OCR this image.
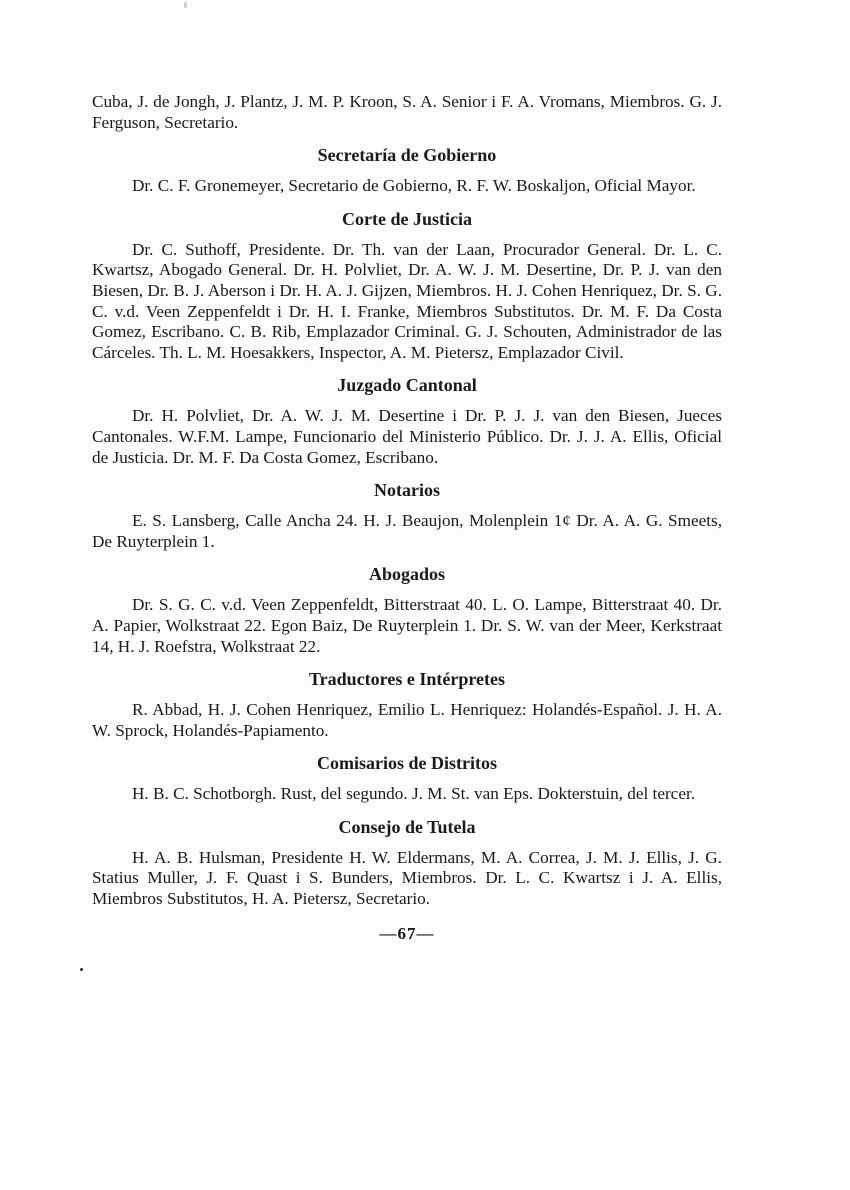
Cuba, J. de Jongh, J. Plantz, J. M. P. Kroon, S. A. Senior i F. A. Vromans, Miembros. G. J. Ferguson, Secretario.

Secretaría de Gobierno

Dr. C. F. Gronemeyer, Secretario de Gobierno, R. F. W. Boskaljon, Oficial Mayor.

Corte de Justicia

Dr. C. Suthoff, Presidente. Dr. Th. van der Laan, Procurador General. Dr. L. C. Kwartsz, Abogado General. Dr. H. Polvliet, Dr. A. W. J. M. Desertine, Dr. P. J. van den Biesen, Dr. B. J. Aberson i Dr. H. A. J. Gijzen, Miembros. H. J. Cohen Henriquez, Dr. S. G. C. v.d. Veen Zeppenfeldt i Dr. H. I. Franke, Miembros Substitutos. Dr. M. F. Da Costa Gomez, Escribano. C. B. Rib, Emplazador Criminal. G. J. Schouten, Administrador de las Cárceles. Th. L. M. Hoesakkers, Inspector, A. M. Pietersz, Emplazador Civil.

Juzgado Cantonal

Dr. H. Polvliet, Dr. A. W. J. M. Desertine i Dr. P. J. J. van den Biesen, Jueces Cantonales. W.F.M. Lampe, Funcionario del Ministerio Público. Dr. J. J. A. Ellis, Oficial de Justicia. Dr. M. F. Da Costa Gomez, Escribano.

Notarios

E. S. Lansberg, Calle Ancha 24. H. J. Beaujon, Molenplein 1¢ Dr. A. A. G. Smeets, De Ruyterplein 1.

Abogados

Dr. S. G. C. v.d. Veen Zeppenfeldt, Bitterstraat 40. L. O. Lampe, Bitterstraat 40. Dr. A. Papier, Wolkstraat 22. Egon Baiz, De Ruyterplein 1. Dr. S. W. van der Meer, Kerkstraat 14, H. J. Roefstra, Wolkstraat 22.

Traductores e Intérpretes

R. Abbad, H. J. Cohen Henriquez, Emilio L. Henriquez: Holandés-Español. J. H. A. W. Sprock, Holandés-Papiamento.

Comisarios de Distritos

H. B. C. Schotborgh. Rust, del segundo. J. M. St. van Eps. Dokterstuin, del tercer.

Consejo de Tutela

H. A. B. Hulsman, Presidente H. W. Eldermans, M. A. Correa, J. M. J. Ellis, J. G. Statius Muller, J. F. Quast i S. Bunders, Miembros. Dr. L. C. Kwartsz i J. A. Ellis, Miembros Substitutos, H. A. Pietersz, Secretario.

—67—
